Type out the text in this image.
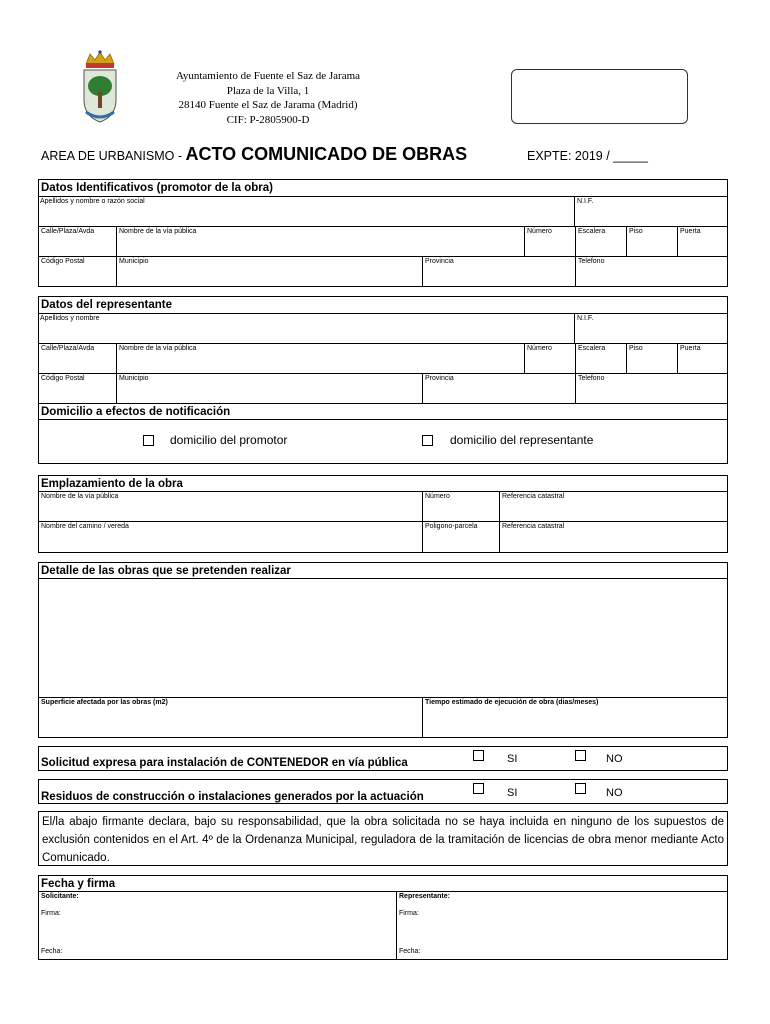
Ayuntamiento de Fuente el Saz de Jarama
Plaza de la Villa, 1
28140 Fuente el Saz de Jarama (Madrid)
CIF: P-2805900-D
AREA DE URBANISMO - ACTO COMUNICADO DE OBRAS	EXPTE: 2019 / _____
Datos Identificativos (promotor de la obra)
Apellidos y nombre o razón social	N.I.F.
Calle/Plaza/Avda	Nombre de la vía pública	Número	Escalera	Piso	Puerta
Código Postal	Municipio	Provincia	Telefono
Datos del representante
Apellidos y nombre	N.I.F.
Calle/Plaza/Avda	Nombre de la vía pública	Número	Escalera	Piso	Puerta
Código Postal	Municipio	Provincia	Telefono
Domicilio a efectos de notificación
domicilio del promotor	domicilio del representante
Emplazamiento de la obra
Nombre de la vía pública	Número	Referencia catastral
Nombre del camino / vereda	Poligono-parcela	Referencia catastral
Detalle de las obras que se pretenden realizar
Superficie afectada por las obras (m2)	Tiempo estimado de ejecución de obra (dias/meses)
Solicitud expresa para instalación de CONTENEDOR en vía pública	SI	NO
Residuos de construcción o instalaciones generados por la actuación	SI	NO
El/la abajo firmante declara, bajo su responsabilidad, que la obra solicitada no se haya incluida en ninguno de los supuestos de exclusión contenidos en el Art. 4º de la Ordenanza Municipal, reguladora de la tramitación de licencias de obra menor mediante Acto Comunicado.
Fecha y firma
Solicitante:
Firma:
Fecha:
Representante:
Firma:
Fecha:
